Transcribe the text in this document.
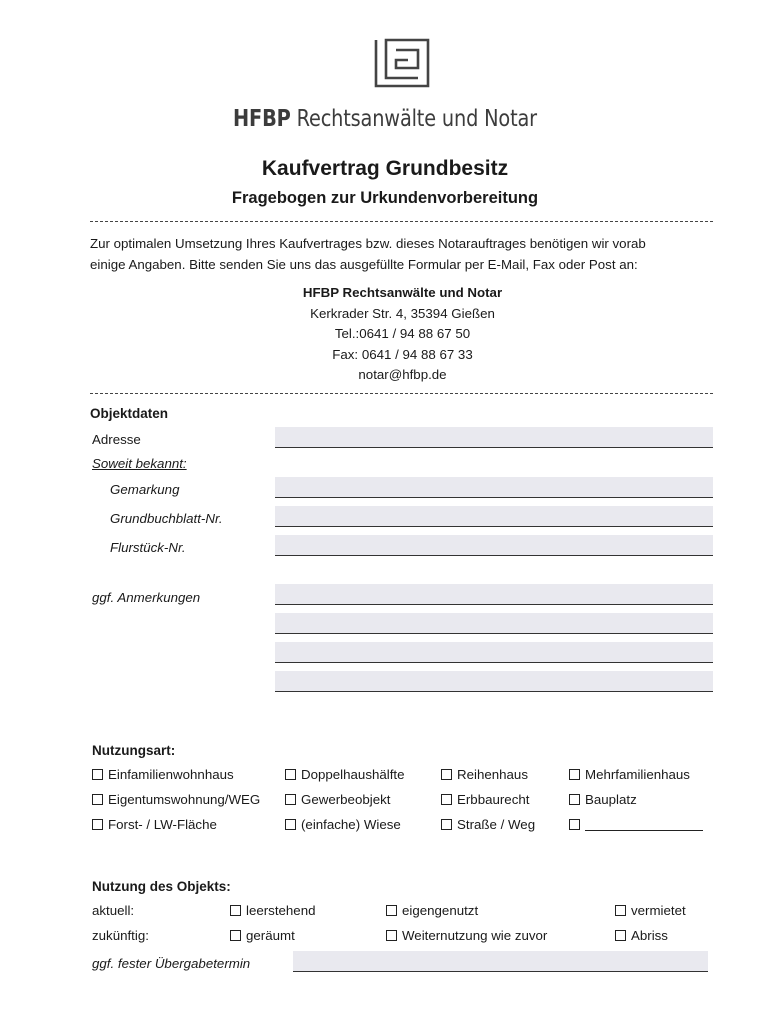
HFBP Rechtsanwälte und Notar
Kaufvertrag Grundbesitz
Fragebogen zur Urkundenvorbereitung
Zur optimalen Umsetzung Ihres Kaufvertrages bzw. dieses Notarauftrages benötigen wir vorab
einige Angaben. Bitte senden Sie uns das ausgefüllte Formular per E-Mail, Fax oder Post an:
HFBP Rechtsanwälte und Notar
Kerkrader Str. 4, 35394 Gießen
Tel.:0641 / 94 88 67 50
Fax: 0641 / 94 88 67 33
notar@hfbp.de
Objektdaten
Adresse
Soweit bekannt:
Gemarkung
Grundbuchblatt-Nr.
Flurstück-Nr.
ggf. Anmerkungen
Nutzungsart:
Einfamilienwohnhaus	Doppelhaushälfte	Reihenhaus	Mehrfamilienhaus
Eigentumswohnung/WEG	Gewerbeobjekt	Erbbaurecht	Bauplatz
Forst- / LW-Fläche	(einfache) Wiese	Straße / Weg
Nutzung des Objekts:
aktuell:	leerstehend	eigengenutzt	vermietet
zukünftig:	geräumt	Weiternutzung wie zuvor	Abriss
ggf. fester Übergabetermin
